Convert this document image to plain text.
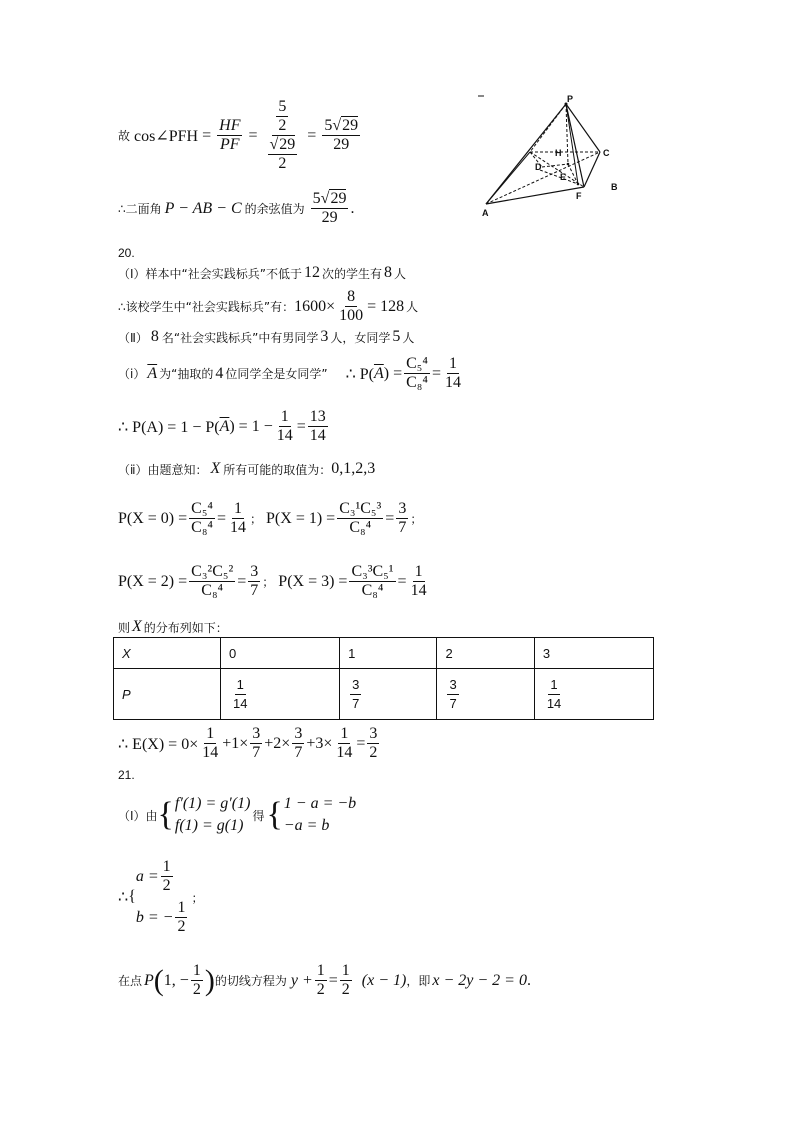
故 cos∠PFH = $\frac{HF}{PF} = \frac{\frac{5}{2}}{\frac{√29}{2}} = \frac{5√29}{29}$
∴二面角 P − AB − C 的余弦值为 $\frac{5√29}{29}$ .
P
H	C
D
E
B
F
A
20.
（Ⅰ）样本中“社会实践标兵”不低于 12 次的学生有 8 人
∴该校学生中“社会实践标兵”有： $1600\times \frac{8}{100} = 128$ 人
（Ⅱ） 8 名“社会实践标兵”中有男同学 3 人，女同学 5 人
（ⅰ） $\overline{A}$ 为“抽取的 4 位同学全是女同学” ∴ P( $\overline{A}$ ) = $\frac{\text{C₅⁴}}{\text{C₈⁴}} = \frac{1}{14}$
∴ P(A) = 1 − P( $\overline{A}$ ) = $1 - \frac{1}{14} = \frac{13}{14}$
（ⅱ）由题意知： X 所有可能的取值为： 0,1,2,3
$P(X = 0) = \frac{\text{C₅⁴}}{\text{C₈⁴}} = \frac{1}{14}$ ； $P(X = 1) = \frac{\text{C₃¹C₅³}}{\text{C₈⁴}} = \frac{3}{7}$ ；
$P(X = 2) = \frac{\text{C₃²C₅²}}{\text{C₈⁴}} = \frac{3}{7}$ ； $P(X = 3) = \frac{\text{C₃³C₅¹}}{\text{C₈⁴}} = \frac{1}{14}$
则 X 的分布列如下：
X	0	1	2	3
P	$\frac{1}{14}$	$\frac{3}{7}$	$\frac{3}{7}$	$\frac{1}{14}$
∴ $E(X) = 0\times \frac{1}{14} +1\times \frac{3}{7} +2\times \frac{3}{7} +3\times \frac{1}{14} = \frac{3}{2}$
21.
（Ⅰ）由 { f′(1) = g′(1)
f(1) = g(1)
得 { 1 − a = −b
−a = b
∴ {
$a = \frac{1}{2}$
b = − $\frac{1}{2}$
；
在点 P ( 1, − $\frac{1}{2}$ ) 的切线方程为 $y + \frac{1}{2} = \frac{1}{2} (x - 1)$ ，即 x − 2y − 2 = 0 .
